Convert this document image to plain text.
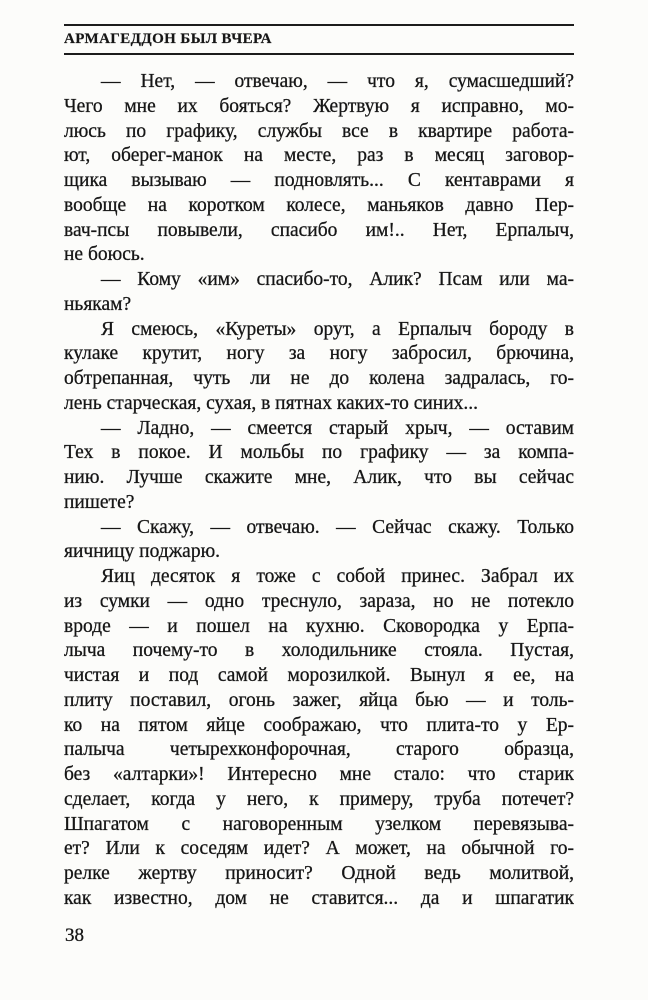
АРМАГЕДДОН БЫЛ ВЧЕРА
— Нет, — отвечаю, — что я, сумасшедший?
Чего мне их бояться? Жертвую я исправно, мо-
люсь по графику, службы все в квартире работа-
ют, оберег-манок на месте, раз в месяц заговор-
щика вызываю — подновлять... С кентаврами я
вообще на коротком колесе, маньяков давно Пер-
вач-псы повывели, спасибо им!.. Нет, Ерпалыч,
не боюсь.
— Кому «им» спасибо-то, Алик? Псам или ма-
ньякам?
Я смеюсь, «Куреты» орут, а Ерпалыч бороду в
кулаке крутит, ногу за ногу забросил, брючина,
обтрепанная, чуть ли не до колена задралась, го-
лень старческая, сухая, в пятнах каких-то синих...
— Ладно, — смеется старый хрыч, — оставим
Тех в покое. И мольбы по графику — за компа-
нию. Лучше скажите мне, Алик, что вы сейчас
пишете?
— Скажу, — отвечаю. — Сейчас скажу. Только
яичницу поджарю.
Яиц десяток я тоже с собой принес. Забрал их
из сумки — одно треснуло, зараза, но не потекло
вроде — и пошел на кухню. Сковородка у Ерпа-
лыча почему-то в холодильнике стояла. Пустая,
чистая и под самой морозилкой. Вынул я ее, на
плиту поставил, огонь зажег, яйца бью — и толь-
ко на пятом яйце соображаю, что плита-то у Ер-
палыча четырехконфорочная, старого образца,
без «алтарки»! Интересно мне стало: что старик
сделает, когда у него, к примеру, труба потечет?
Шпагатом с наговоренным узелком перевязыва-
ет? Или к соседям идет? А может, на обычной го-
релке жертву приносит? Одной ведь молитвой,
как известно, дом не ставится... да и шпагатик
38
